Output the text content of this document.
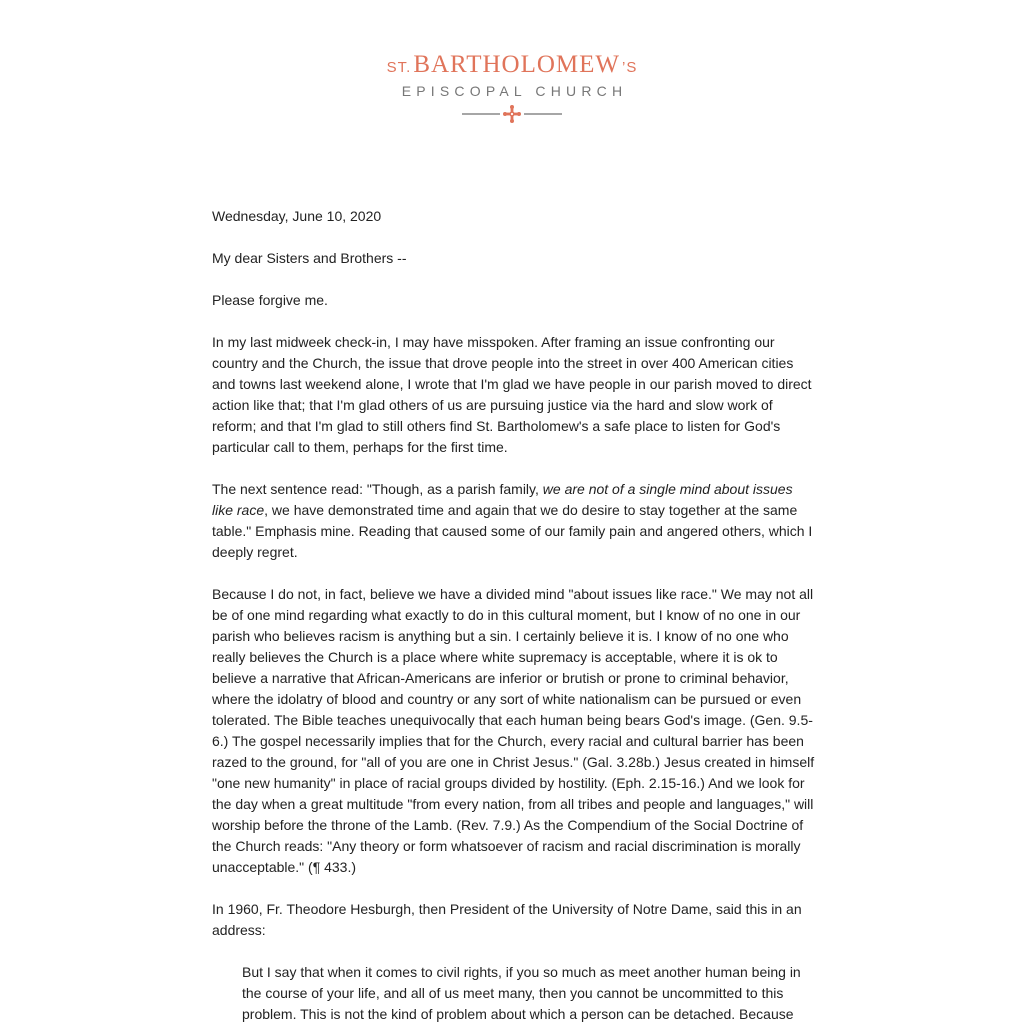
ST.BARTHOLOMEW ’S
EPISCOPAL CHURCH

Wednesday, June 10, 2020

My dear Sisters and Brothers --

Please forgive me.

In my last midweek check-in, I may have misspoken. After framing an issue confronting our country and the Church, the issue that drove people into the street in over 400 American cities and towns last weekend alone, I wrote that I'm glad we have people in our parish moved to direct action like that; that I'm glad others of us are pursuing justice via the hard and slow work of reform; and that I'm glad to still others find St. Bartholomew's a safe place to listen for God's particular call to them, perhaps for the first time.

The next sentence read: "Though, as a parish family, we are not of a single mind about issues like race, we have demonstrated time and again that we do desire to stay together at the same table." Emphasis mine. Reading that caused some of our family pain and angered others, which I deeply regret.

Because I do not, in fact, believe we have a divided mind "about issues like race." We may not all be of one mind regarding what exactly to do in this cultural moment, but I know of no one in our parish who believes racism is anything but a sin. I certainly believe it is. I know of no one who really believes the Church is a place where white supremacy is acceptable, where it is ok to believe a narrative that African-Americans are inferior or brutish or prone to criminal behavior, where the idolatry of blood and country or any sort of white nationalism can be pursued or even tolerated. The Bible teaches unequivocally that each human being bears God's image. (Gen. 9.5-6.) The gospel necessarily implies that for the Church, every racial and cultural barrier has been razed to the ground, for "all of you are one in Christ Jesus." (Gal. 3.28b.) Jesus created in himself "one new humanity" in place of racial groups divided by hostility. (Eph. 2.15-16.) And we look for the day when a great multitude "from every nation, from all tribes and people and languages," will worship before the throne of the Lamb. (Rev. 7.9.) As the Compendium of the Social Doctrine of the Church reads: "Any theory or form whatsoever of racism and racial discrimination is morally unacceptable." (¶ 433.)

In 1960, Fr. Theodore Hesburgh, then President of the University of Notre Dame, said this in an address:

But I say that when it comes to civil rights, if you so much as meet another human being in the course of your life, and all of us meet many, then you cannot be uncommitted to this problem. This is not the kind of problem about which a person can be detached. Because
